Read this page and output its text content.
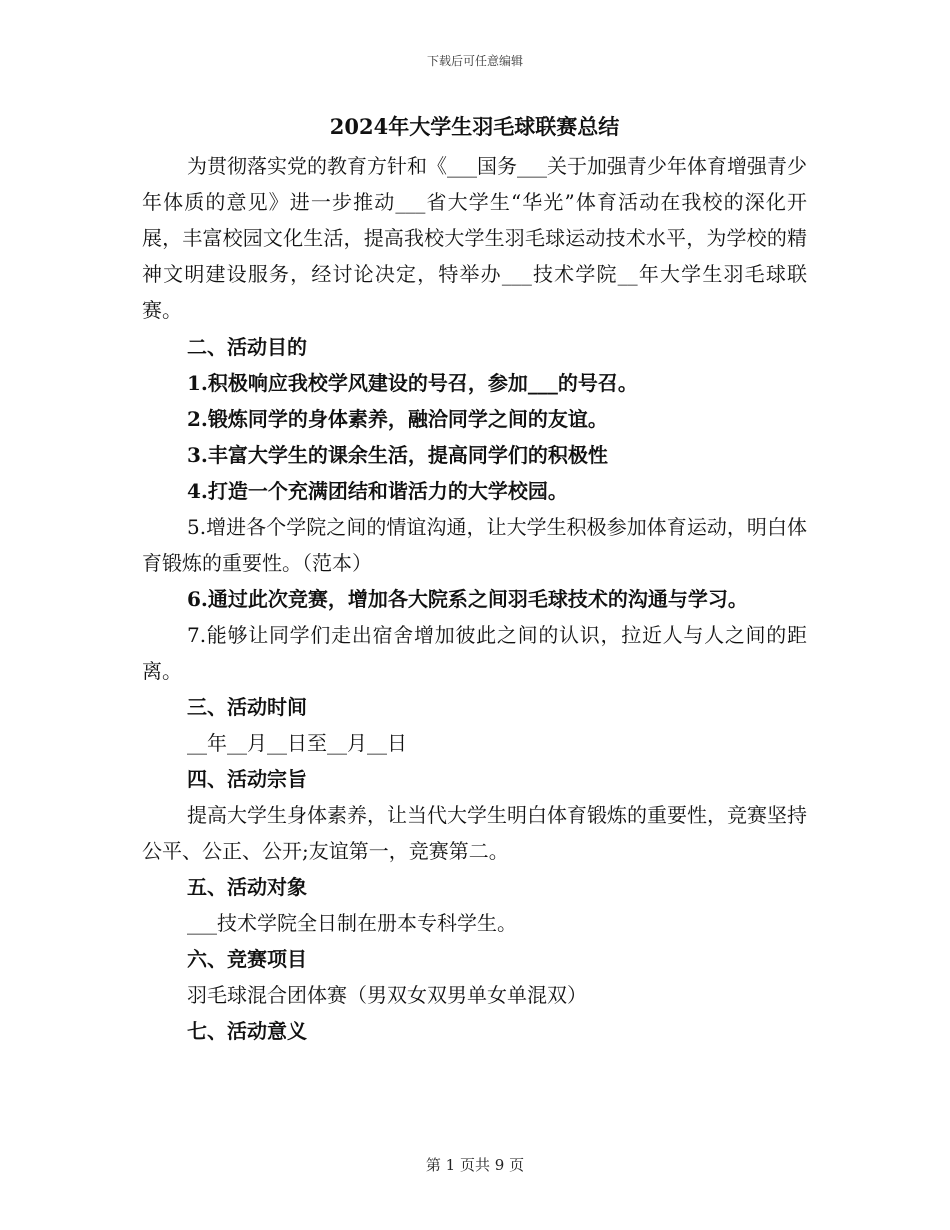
下载后可任意编辑
2024年大学生羽毛球联赛总结

为贯彻落实党的教育方针和《___国务___关于加强青少年体育增强青少年体质的意见》进一步推动___省大学生“华光”体育活动在我校的深化开展，丰富校园文化生活，提高我校大学生羽毛球运动技术水平，为学校的精神文明建设服务，经讨论决定，特举办___技术学院__年大学生羽毛球联赛。

二、活动目的

1.积极响应我校学风建设的号召，参加___的号召。

2.锻炼同学的身体素养，融洽同学之间的友谊。

3.丰富大学生的课余生活，提高同学们的积极性

4.打造一个充满团结和谐活力的大学校园。

5.增进各个学院之间的情谊沟通，让大学生积极参加体育运动，明白体育锻炼的重要性。（范本）

6.通过此次竞赛，增加各大院系之间羽毛球技术的沟通与学习。

7.能够让同学们走出宿舍增加彼此之间的认识，拉近人与人之间的距离。

三、活动时间

__年__月__日至__月__日

四、活动宗旨

提高大学生身体素养，让当代大学生明白体育锻炼的重要性，竞赛坚持公平、公正、公开;友谊第一，竞赛第二。

五、活动对象

___技术学院全日制在册本专科学生。

六、竞赛项目

羽毛球混合团体赛（男双女双男单女单混双）

七、活动意义

第 1 页共 9 页
